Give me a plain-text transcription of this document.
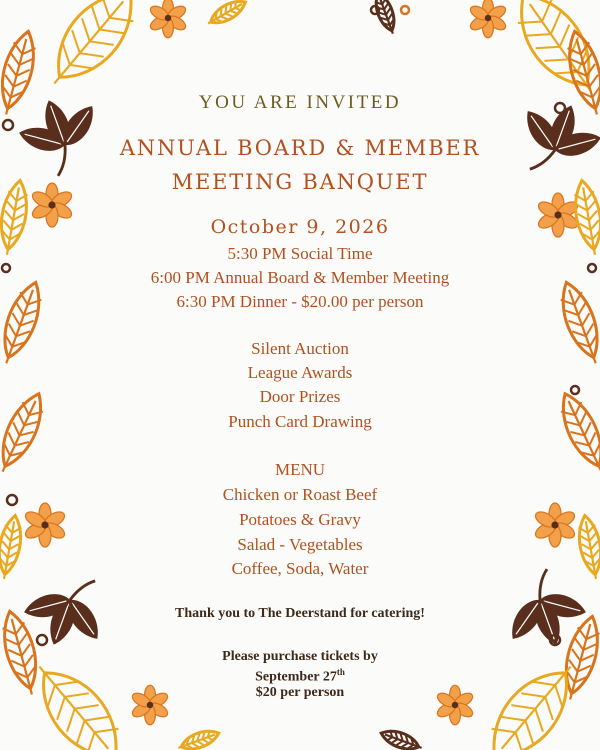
YOU ARE INVITED
ANNUAL BOARD & MEMBER
MEETING BANQUET
October 9, 2026
5:30 PM Social Time
6:00 PM Annual Board & Member Meeting
6:30 PM Dinner - $20.00 per person
Silent Auction
League Awards
Door Prizes
Punch Card Drawing
MENU
Chicken or Roast Beef
Potatoes & Gravy
Salad - Vegetables
Coffee, Soda, Water
Thank you to The Deerstand for catering!
Please purchase tickets by
September 27th
$20 per person
